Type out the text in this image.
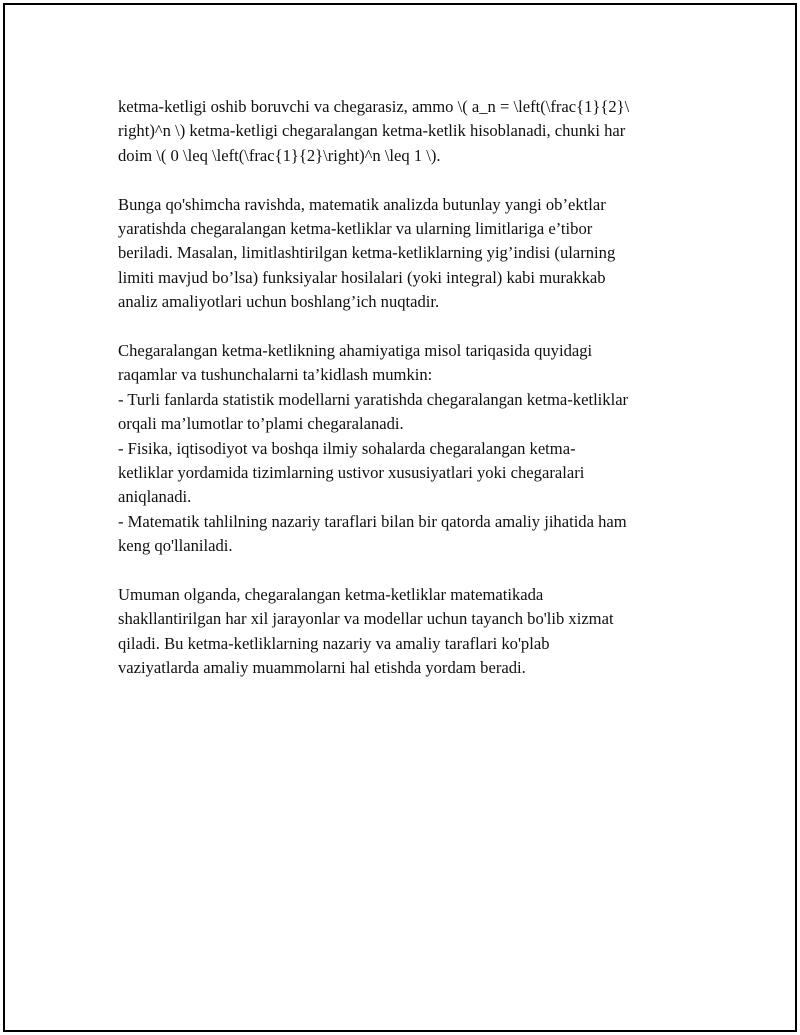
ketma-ketligi oshib boruvchi va chegarasiz, ammo \( a_n = \left(\frac{1}{2}\
right)^n \) ketma-ketligi chegaralangan ketma-ketlik hisoblanadi, chunki har
doim \( 0 \leq \left(\frac{1}{2}\right)^n \leq 1 \).

Bunga qo'shimcha ravishda, matematik analizda butunlay yangi ob’ektlar
yaratishda chegaralangan ketma-ketliklar va ularning limitlariga e’tibor
beriladi. Masalan, limitlashtirilgan ketma-ketliklarning yig’indisi (ularning
limiti mavjud bo’lsa) funksiyalar hosilalari (yoki integral) kabi murakkab
analiz amaliyotlari uchun boshlang’ich nuqtadir.

Chegaralangan ketma-ketlikning ahamiyatiga misol tariqasida quyidagi
raqamlar va tushunchalarni ta’kidlash mumkin:
- Turli fanlarda statistik modellarni yaratishda chegaralangan ketma-ketliklar
orqali ma’lumotlar to’plami chegaralanadi.
- Fisika, iqtisodiyot va boshqa ilmiy sohalarda chegaralangan ketma-
ketliklar yordamida tizimlarning ustivor xususiyatlari yoki chegaralari
aniqlanadi.
- Matematik tahlilning nazariy taraflari bilan bir qatorda amaliy jihatida ham
keng qo'llaniladi.

Umuman olganda, chegaralangan ketma-ketliklar matematikada
shakllantirilgan har xil jarayonlar va modellar uchun tayanch bo'lib xizmat
qiladi. Bu ketma-ketliklarning nazariy va amaliy taraflari ko'plab
vaziyatlarda amaliy muammolarni hal etishda yordam beradi.
